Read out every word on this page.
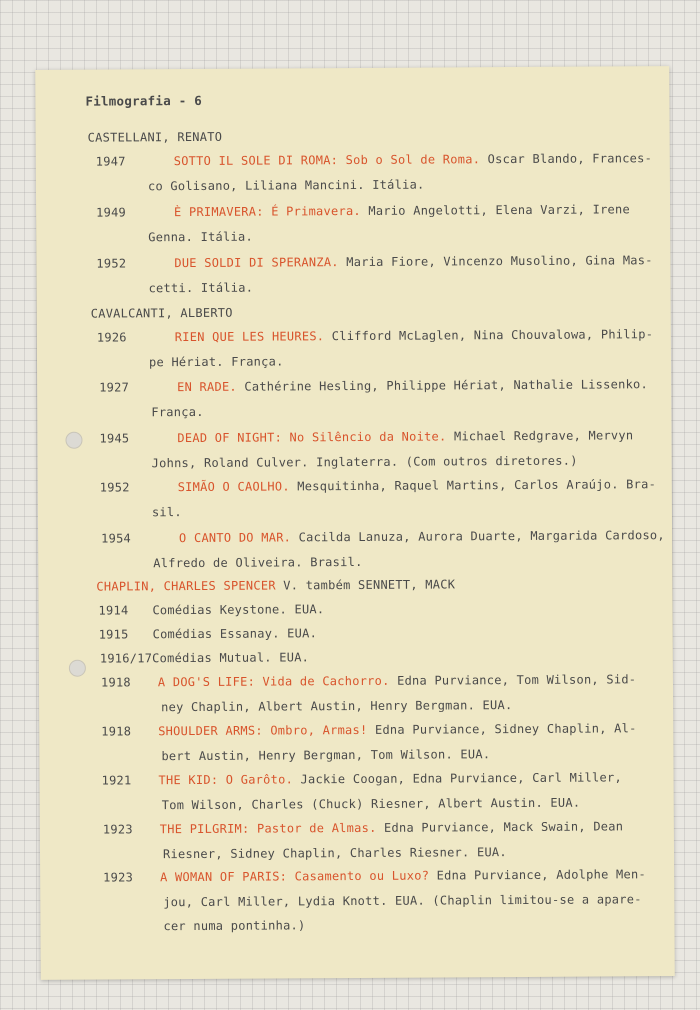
Filmografia - 6
CASTELLANI, RENATO
1947	SOTTO IL SOLE DI ROMA: Sob o Sol de Roma. Oscar Blando, Frances-
co Golisano, Liliana Mancini. Itália.
1949	È PRIMAVERA: É Primavera. Mario Angelotti, Elena Varzi, Irene
Genna. Itália.
1952	DUE SOLDI DI SPERANZA. Maria Fiore, Vincenzo Musolino, Gina Mas-
cetti. Itália.
CAVALCANTI, ALBERTO
1926	RIEN QUE LES HEURES. Clifford McLaglen, Nina Chouvalowa, Philip-
pe Hériat. França.
1927	EN RADE. Cathérine Hesling, Philippe Hériat, Nathalie Lissenko.
França.
1945	DEAD OF NIGHT: No Silêncio da Noite. Michael Redgrave, Mervyn
Johns, Roland Culver. Inglaterra. (Com outros diretores.)
1952	SIMÃO O CAOLHO. Mesquitinha, Raquel Martins, Carlos Araújo. Bra-
sil.
1954	O CANTO DO MAR. Cacilda Lanuza, Aurora Duarte, Margarida Cardoso,
Alfredo de Oliveira. Brasil.
CHAPLIN, CHARLES SPENCER V. também SENNETT, MACK
1914 Comédias Keystone. EUA.
1915 Comédias Essanay. EUA.
1916/17Comédias Mutual. EUA.
1918 A DOG'S LIFE: Vida de Cachorro. Edna Purviance, Tom Wilson, Sid-
ney Chaplin, Albert Austin, Henry Bergman. EUA.
1918 SHOULDER ARMS: Ombro, Armas! Edna Purviance, Sidney Chaplin, Al-
bert Austin, Henry Bergman, Tom Wilson. EUA.
1921 THE KID: O Garôto. Jackie Coogan, Edna Purviance, Carl Miller,
Tom Wilson, Charles (Chuck) Riesner, Albert Austin. EUA.
1923 THE PILGRIM: Pastor de Almas. Edna Purviance, Mack Swain, Dean
Riesner, Sidney Chaplin, Charles Riesner. EUA.
1923 A WOMAN OF PARIS: Casamento ou Luxo? Edna Purviance, Adolphe Men-
jou, Carl Miller, Lydia Knott. EUA. (Chaplin limitou-se a apare-
cer numa pontinha.)
